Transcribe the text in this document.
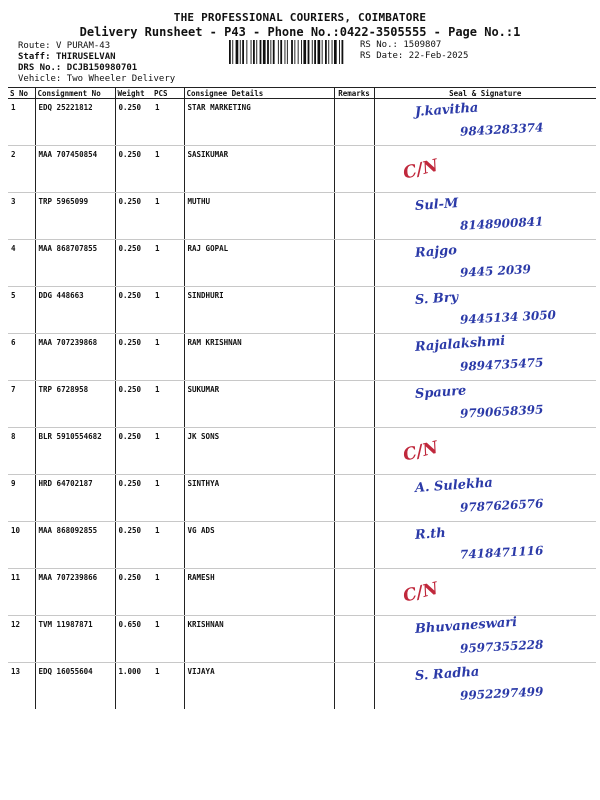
THE PROFESSIONAL COURIERS, COIMBATORE
Delivery Runsheet - P43 - Phone No.:0422-3505555 - Page No.:1
Route: V PURAM-43
Staff: THIRUSELVAN
DRS No.: DCJB150980701
Vehicle: Two Wheeler Delivery
RS No.: 1509807
RS Date: 22-Feb-2025
S No	Consignment No	Weight	PCS	Consignee Details	Remarks	Seal & Signature
1	EDQ 25221812	0.250	1	STAR MARKETING		J.kavitha
9843283374

2	MAA 707450854	0.250	1	SASIKUMAR		C/N

3	TRP 5965099	0.250	1	MUTHU		Sul-M
8148900841

4	MAA 868707855	0.250	1	RAJ GOPAL		Rajgo
9445 2039

5	DDG 448663	0.250	1	SINDHURI		S. Bry
9445134 3050

6	MAA 707239868	0.250	1	RAM KRISHNAN		Rajalakshmi
9894735475

7	TRP 6728958	0.250	1	SUKUMAR		Spaure
9790658395

8	BLR 5910554682	0.250	1	JK SONS		C/N

9	HRD 64702187	0.250	1	SINTHYA		A. Sulekha
9787626576

10	MAA 868092855	0.250	1	VG ADS		R.th
7418471116

11	MAA 707239866	0.250	1	RAMESH		C/N

12	TVM 11987871	0.650	1	KRISHNAN		Bhuvaneswari
9597355228

13	EDQ 16055604	1.000	1	VIJAYA		S. Radha
9952297499
